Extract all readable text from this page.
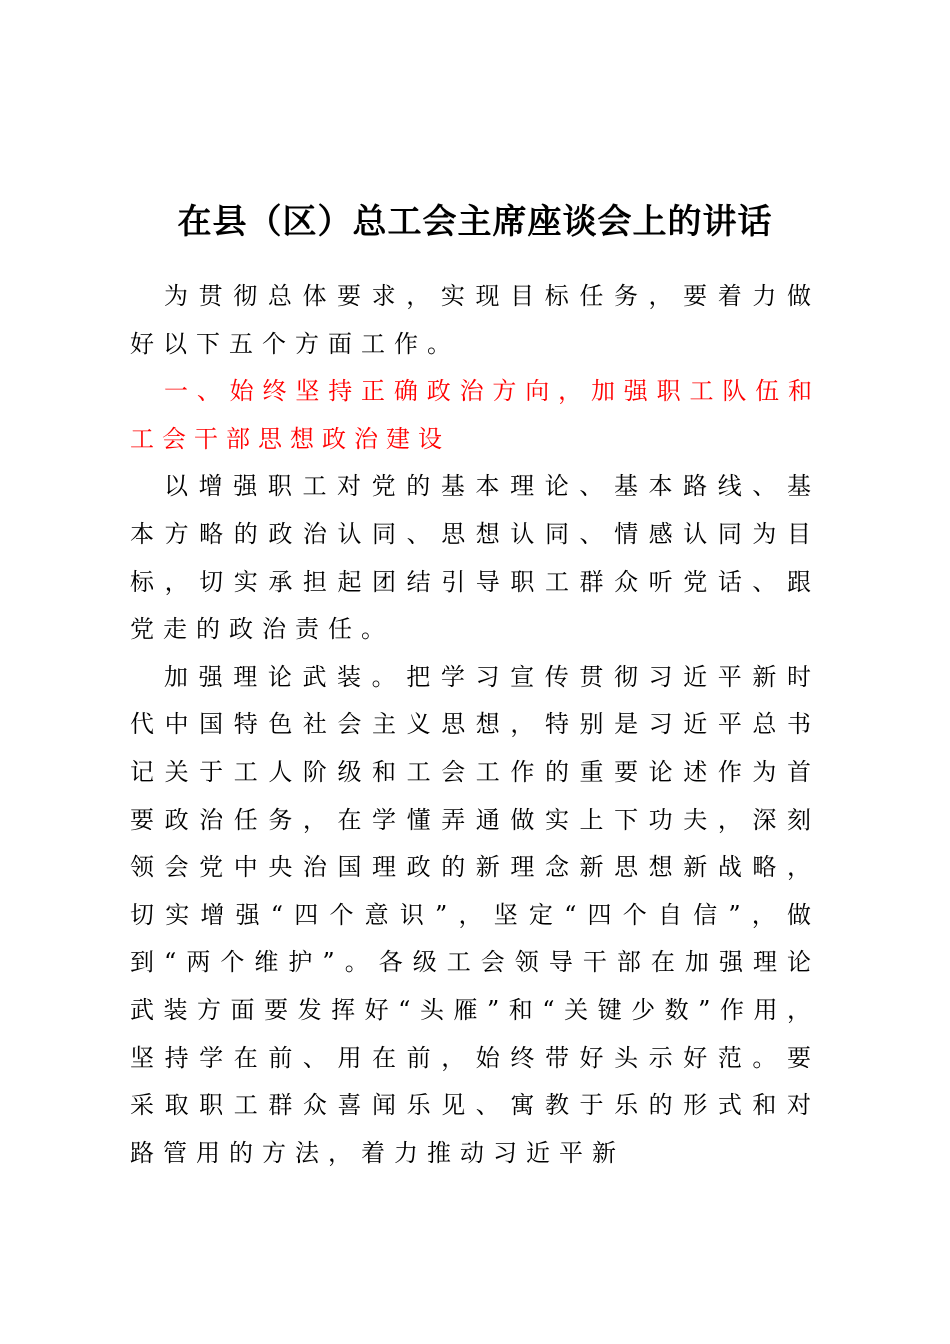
在县（区）总工会主席座谈会上的讲话

为贯彻总体要求，实现目标任务，要着力做好以下五个方面工作。

一、始终坚持正确政治方向，加强职工队伍和工会干部思想政治建设

以增强职工对党的基本理论、基本路线、基本方略的政治认同、思想认同、情感认同为目标，切实承担起团结引导职工群众听党话、跟党走的政治责任。

加强理论武装。把学习宣传贯彻习近平新时代中国特色社会主义思想，特别是习近平总书记关于工人阶级和工会工作的重要论述作为首要政治任务，在学懂弄通做实上下功夫，深刻领会党中央治国理政的新理念新思想新战略，切实增强“四个意识”，坚定“四个自信”，做到“两个维护”。各级工会领导干部在加强理论武装方面要发挥好“头雁”和“关键少数”作用，坚持学在前、用在前，始终带好头示好范。要采取职工群众喜闻乐见、寓教于乐的形式和对路管用的方法，着力推动习近平新
